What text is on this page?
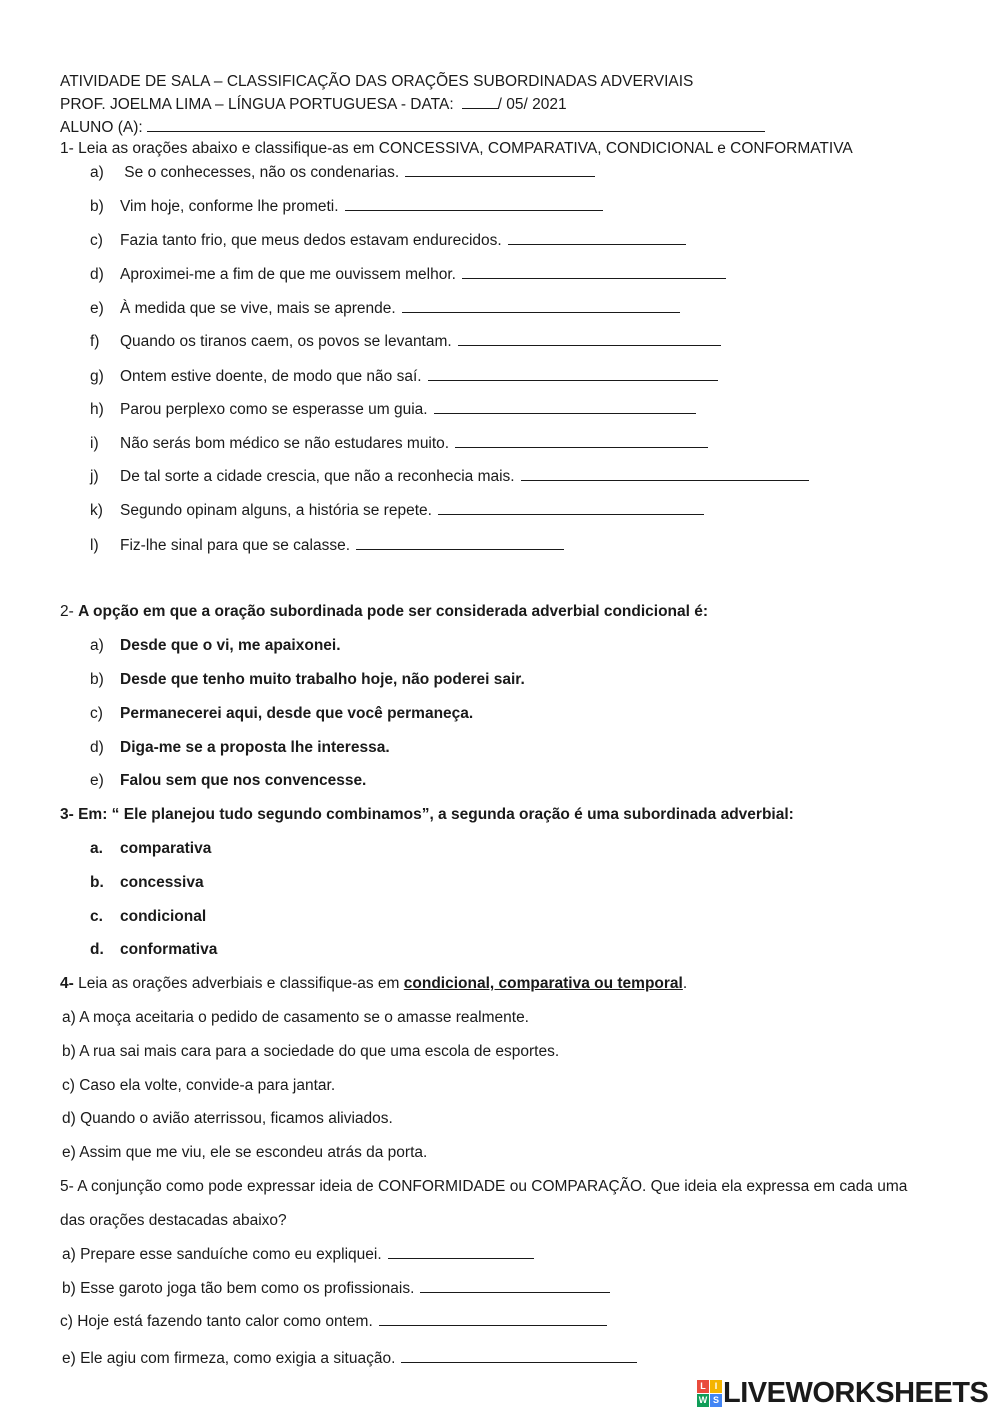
ATIVIDADE DE SALA – CLASSIFICAÇÃO DAS ORAÇÕES SUBORDINADAS ADVERVIAIS
PROF. JOELMA LIMA – LÍNGUA PORTUGUESA - DATA:	/ 05/ 2021
ALUNO (A):
1- Leia as orações abaixo e classifique-as em CONCESSIVA, COMPARATIVA, CONDICIONAL e CONFORMATIVA
a) Se o conhecesses, não os condenarias.
b) Vim hoje, conforme lhe prometi.
c) Fazia tanto frio, que meus dedos estavam endurecidos.
d) Aproximei-me a fim de que me ouvissem melhor.
e) À medida que se vive, mais se aprende.
f) Quando os tiranos caem, os povos se levantam.
g) Ontem estive doente, de modo que não saí.
h) Parou perplexo como se esperasse um guia.
i) Não serás bom médico se não estudares muito.
j) De tal sorte a cidade crescia, que não a reconhecia mais.
k) Segundo opinam alguns, a história se repete.
l) Fiz-lhe sinal para que se calasse.
2- A opção em que a oração subordinada pode ser considerada adverbial condicional é:
a) Desde que o vi, me apaixonei.
b) Desde que tenho muito trabalho hoje, não poderei sair.
c) Permanecerei aqui, desde que você permaneça.
d) Diga-me se a proposta lhe interessa.
e) Falou sem que nos convencesse.
3- Em: “ Ele planejou tudo segundo combinamos”, a segunda oração é uma subordinada adverbial:
a. comparativa
b. concessiva
c. condicional
d. conformativa
4- Leia as orações adverbiais e classifique-as em condicional, comparativa ou temporal.
a) A moça aceitaria o pedido de casamento se o amasse realmente.
b) A rua sai mais cara para a sociedade do que uma escola de esportes.
c) Caso ela volte, convide-a para jantar.
d) Quando o avião aterrissou, ficamos aliviados.
e) Assim que me viu, ele se escondeu atrás da porta.
5- A conjunção como pode expressar ideia de CONFORMIDADE ou COMPARAÇÃO. Que ideia ela expressa em cada uma
das orações destacadas abaixo?
a) Prepare esse sanduíche como eu expliquei.
b) Esse garoto joga tão bem como os profissionais.
c) Hoje está fazendo tanto calor como ontem.
e) Ele agiu com firmeza, como exigia a situação.
L I
W S LIVEWORKSHEETS
